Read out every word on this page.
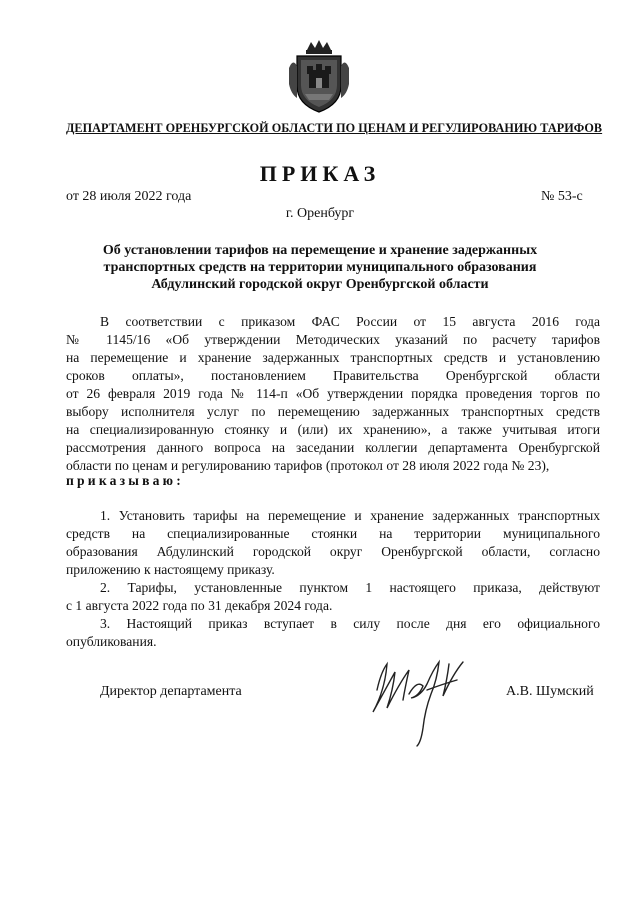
ДЕПАРТАМЕНТ ОРЕНБУРГСКОЙ ОБЛАСТИ ПО ЦЕНАМ И РЕГУЛИРОВАНИЮ ТАРИФОВ
ПРИКАЗ
от 28 июля 2022 года	№ 53-с
г. Оренбург
Об установлении тарифов на перемещение и хранение задержанных
транспортных средств на территории муниципального образования
Абдулинский городской округ Оренбургской области
В соответствии с приказом ФАС России от 15 августа 2016 года
№ 1145/16 «Об утверждении Методических указаний по расчету тарифов
на перемещение и хранение задержанных транспортных средств и установлению
сроков оплаты», постановлением Правительства Оренбургской области
от 26 февраля 2019 года № 114-п «Об утверждении порядка проведения торгов по
выбору исполнителя услуг по перемещению задержанных транспортных средств
на специализированную стоянку и (или) их хранению», а также учитывая итоги
рассмотрения данного вопроса на заседании коллегии департамента Оренбургской
области по ценам и регулированию тарифов (протокол от 28 июля 2022 года № 23),
приказываю:
1. Установить тарифы на перемещение и хранение задержанных транспортных
средств на специализированные стоянки на территории муниципального
образования Абдулинский городской округ Оренбургской области, согласно
приложению к настоящему приказу.
2. Тарифы, установленные пунктом 1 настоящего приказа, действуют
с 1 августа 2022 года по 31 декабря 2024 года.
3. Настоящий приказ вступает в силу после дня его официального
опубликования.
Директор департамента	А.В. Шумский
